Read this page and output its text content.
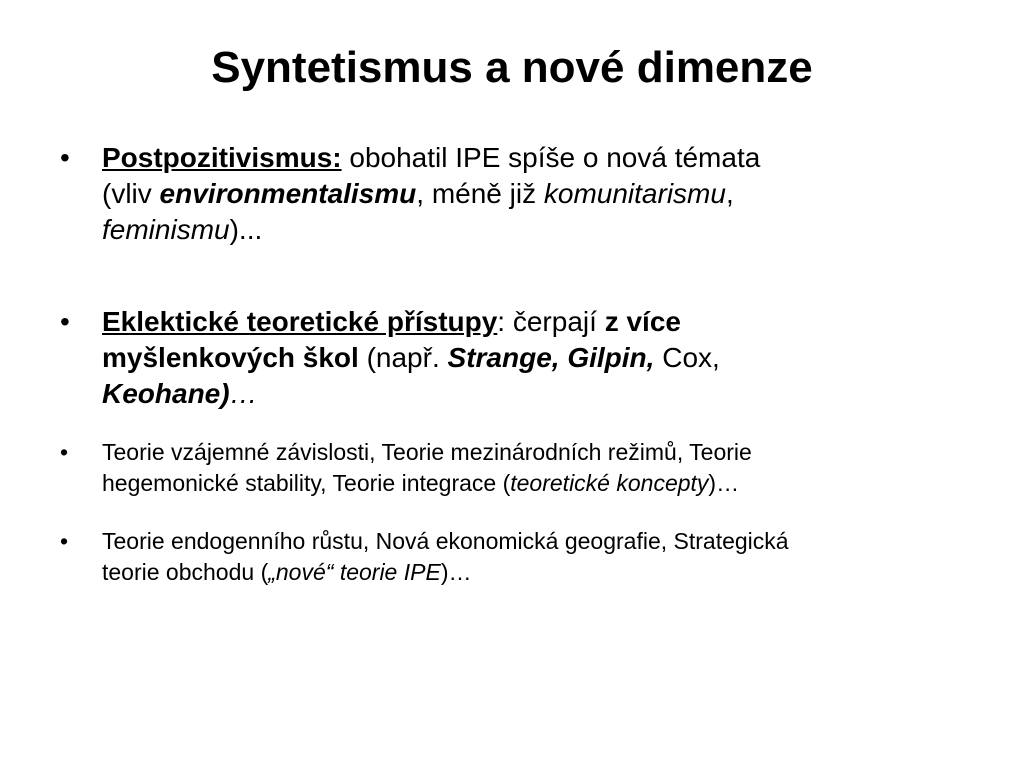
Syntetismus a nové dimenze
• Postpozitivismus: obohatil IPE spíše o nová témata
(vliv environmentalismu, méně již komunitarismu,
feminismu)...
• Eklektické teoretické přístupy: čerpají z více
myšlenkových škol (např. Strange, Gilpin, Cox,
Keohane)…
• Teorie vzájemné závislosti, Teorie mezinárodních režimů, Teorie
hegemonické stability, Teorie integrace (teoretické koncepty)…
• Teorie endogenního růstu, Nová ekonomická geografie, Strategická
teorie obchodu („nové“ teorie IPE)…
